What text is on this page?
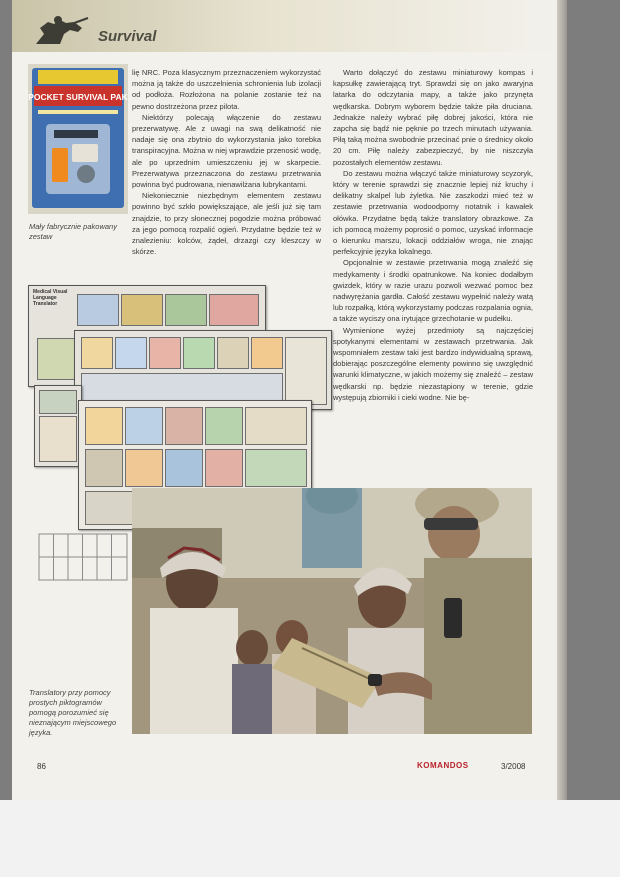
Survival
POCKET SURVIVAL PAK
Mały fabrycznie pakowany zestaw

lię NRC. Poza klasycznym przeznaczeniem wykorzystać można ją także do uszczelnienia schronienia lub izolacji od podłoża. Rozłożona na polanie zostanie też na pewno dostrzeżona przez pilota.

Niektórzy polecają włączenie do zestawu prezerwatywę. Ale z uwagi na swą delikatność nie nadaje się ona zbytnio do wykorzystania jako torebka transpiracyjna. Można w niej wprawdzie przenosić wodę, ale po uprzednim umieszczeniu jej w skarpecie. Prezerwatywa przeznaczona do zestawu przetrwania powinna być pudrowana, nienawilżana lubrykantami.

Niekoniecznie niezbędnym elementem zestawu powinno być szkło powiększające, ale jeśli już się tam znajdzie, to przy słonecznej pogodzie można próbować za jego pomocą rozpalić ogień. Przydatne będzie też w znalezieniu: kolców, żądeł, drzazgi czy kleszczy w skórze.

Warto dołączyć do zestawu miniaturowy kompas i kapsułkę zawierającą tryt. Sprawdzi się on jako awaryjna latarka do odczytania mapy, a także jako przynęta wędkarska. Dobrym wyborem będzie także piła druciana. Jednakże należy wybrać piłę dobrej jakości, która nie zapcha się bądź nie pęknie po trzech minutach używania. Piłą taką można swobodnie przecinać pnie o średnicy około 20 cm. Piłę należy zabezpieczyć, by nie niszczyła pozostałych elementów zestawu.

Do zestawu można włączyć także miniaturowy scyzoryk, który w terenie sprawdzi się znacznie lepiej niż kruchy i delikatny skalpel lub żyletka. Nie zaszkodzi mieć też w zestawie przetrwania wodoodporny notatnik i kawałek ołówka. Przydatne będą także translatory obrazkowe. Za ich pomocą możemy poprosić o pomoc, uzyskać informacje o kierunku marszu, lokacji oddziałów wroga, nie znając perfekcyjnie języka lokalnego.

Opcjonalnie w zestawie przetrwania mogą znaleźć się medykamenty i środki opatrunkowe. Na koniec dodałbym gwizdek, który w razie urazu pozwoli wezwać pomoc bez nadwyrężania gardła. Całość zestawu wypełnić należy watą lub rozpałką, którą wykorzystamy podczas rozpalania ognia, a także wyciszy ona irytujące grzechotanie w pudełku.

Wymienione wyżej przedmioty są najczęściej spotykanymi elementami w zestawach przetrwania. Jak wspomniałem zestaw taki jest bardzo indywidualną sprawą, dobierając poszczególne elementy powinno się uwzględnić warunki klimatyczne, w jakich możemy się znaleźć – zestaw wędkarski np. będzie niezastąpiony w terenie, gdzie występują zbiorniki i cieki wodne. Nie bę-

Medical Visual Language Translator
Translatory przy pomocy prostych piktogramów pomogą porozumieć się nieznającym miejscowego języka.
86	KOMANDOS	3/2008
